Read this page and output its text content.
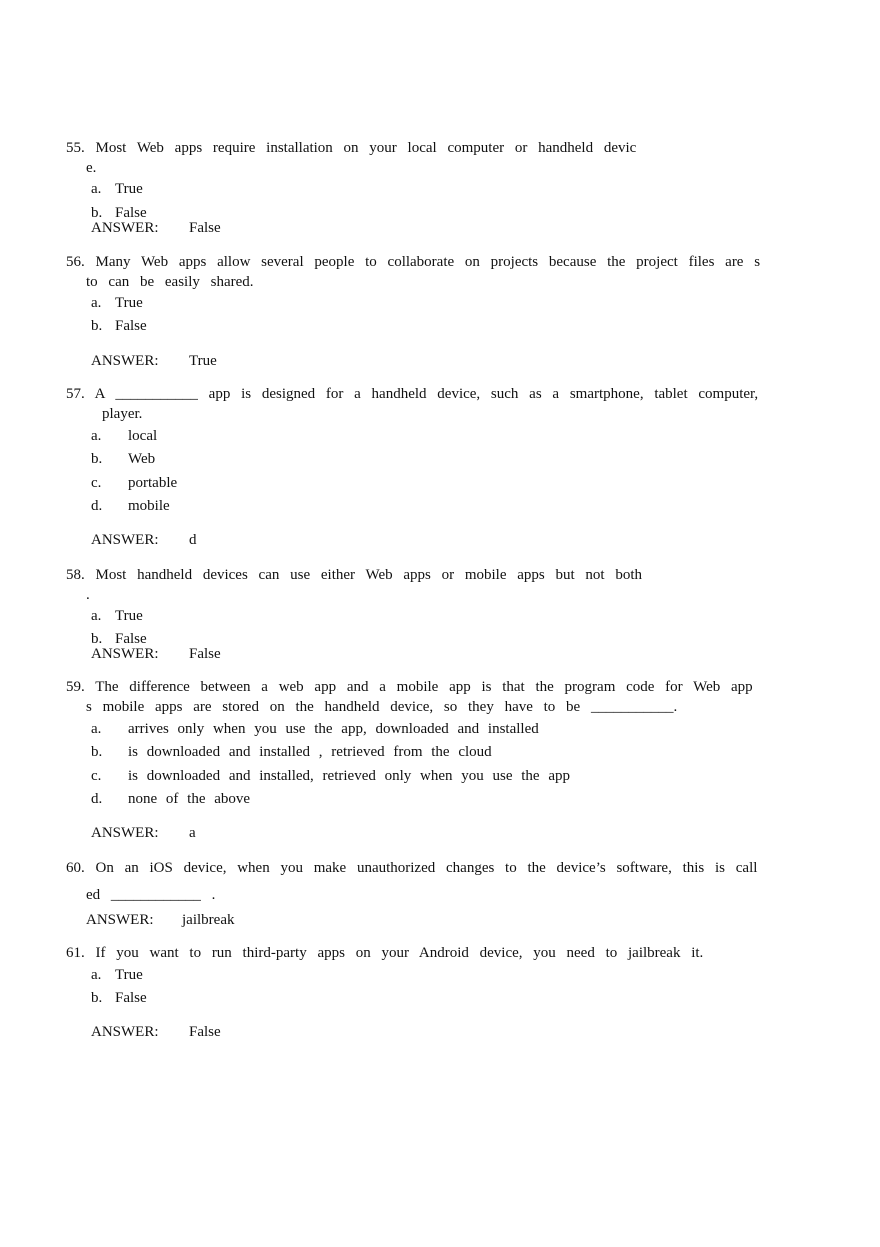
55. Most Web apps require installation on your local computer or handheld devic
e.
a. True
b. False
ANSWER: False
56. Many Web apps allow several people to collaborate on projects because the project files are s
to can be easily shared.
a. True
b. False
ANSWER: True
57. A ___________ app is designed for a handheld device, such as a smartphone, tablet computer,
player.
a. local
b. Web
c. portable
d. mobile
ANSWER: d
58. Most handheld devices can use either Web apps or mobile apps but not both
.
a. True
b. False
ANSWER: False
59. The difference between a web app and a mobile app is that the program code for Web app
s mobile apps are stored on the handheld device, so they have to be ___________.
a. arrives only when you use the app, downloaded and installed
b. is downloaded and installed , retrieved from the cloud
c. is downloaded and installed, retrieved only when you use the app
d. none of the above
ANSWER: a
60. On an iOS device, when you make unauthorized changes to the device’s software, this is call
ed ____________ .
ANSWER: jailbreak
61. If you want to run third-party apps on your Android device, you need to jailbreak it.
a. True
b. False
ANSWER: False
